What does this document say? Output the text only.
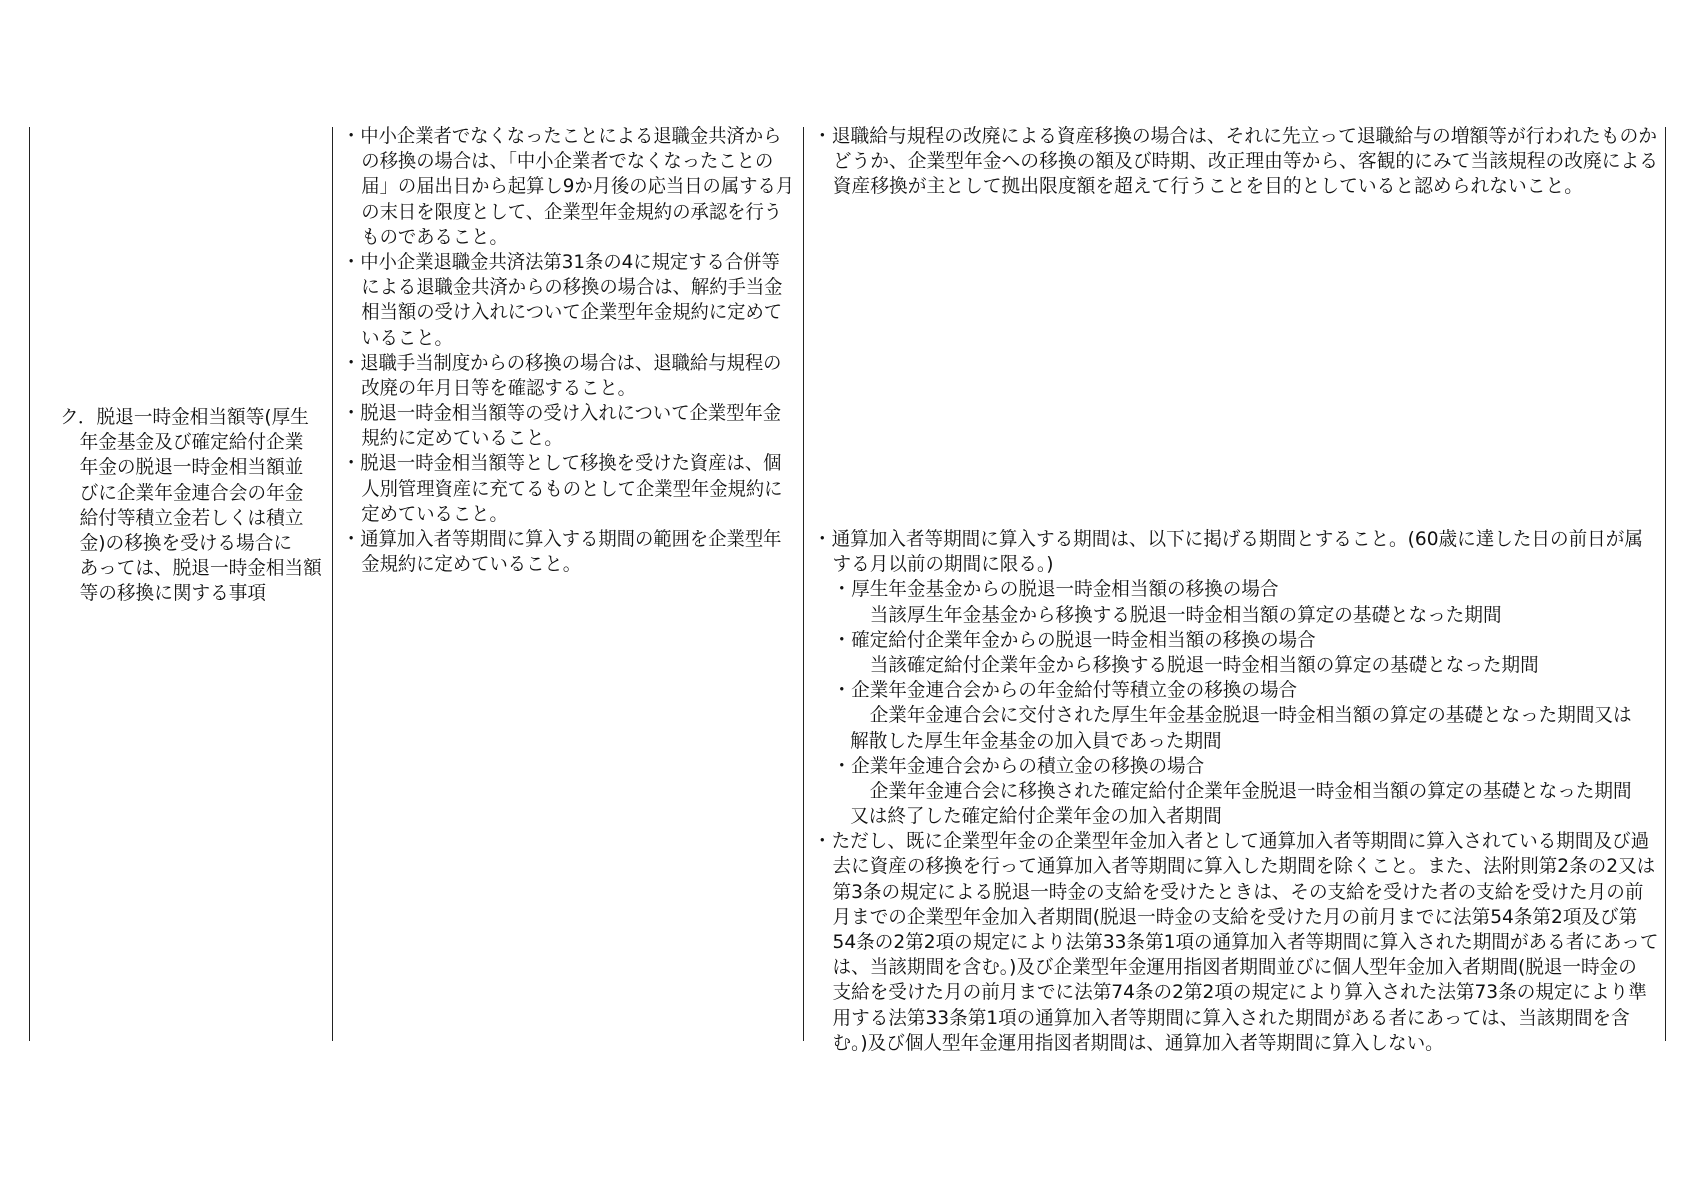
ク．脱退一時金相当額等(厚生
年金基金及び確定給付企業
年金の脱退一時金相当額並
びに企業年金連合会の年金
給付等積立金若しくは積立
金)の移換を受ける場合に
あっては、脱退一時金相当額
等の移換に関する事項
・中小企業者でなくなったことによる退職金共済から
の移換の場合は、「中小企業者でなくなったことの
届」の届出日から起算し9か月後の応当日の属する月
の末日を限度として、企業型年金規約の承認を行う
ものであること。
・中小企業退職金共済法第31条の4に規定する合併等
による退職金共済からの移換の場合は、解約手当金
相当額の受け入れについて企業型年金規約に定めて
いること。
・退職手当制度からの移換の場合は、退職給与規程の
改廃の年月日等を確認すること。
・脱退一時金相当額等の受け入れについて企業型年金
規約に定めていること。
・脱退一時金相当額等として移換を受けた資産は、個
人別管理資産に充てるものとして企業型年金規約に
定めていること。
・通算加入者等期間に算入する期間の範囲を企業型年
金規約に定めていること。
・退職給与規程の改廃による資産移換の場合は、それに先立って退職給与の増額等が行われたものか
どうか、企業型年金への移換の額及び時期、改正理由等から、客観的にみて当該規程の改廃による
資産移換が主として拠出限度額を超えて行うことを目的としていると認められないこと。
・通算加入者等期間に算入する期間は、以下に掲げる期間とすること。(60歳に達した日の前日が属
する月以前の期間に限る。)
・厚生年金基金からの脱退一時金相当額の移換の場合
当該厚生年金基金から移換する脱退一時金相当額の算定の基礎となった期間
・確定給付企業年金からの脱退一時金相当額の移換の場合
当該確定給付企業年金から移換する脱退一時金相当額の算定の基礎となった期間
・企業年金連合会からの年金給付等積立金の移換の場合
企業年金連合会に交付された厚生年金基金脱退一時金相当額の算定の基礎となった期間又は
解散した厚生年金基金の加入員であった期間
・企業年金連合会からの積立金の移換の場合
企業年金連合会に移換された確定給付企業年金脱退一時金相当額の算定の基礎となった期間
又は終了した確定給付企業年金の加入者期間
・ただし、既に企業型年金の企業型年金加入者として通算加入者等期間に算入されている期間及び過
去に資産の移換を行って通算加入者等期間に算入した期間を除くこと。また、法附則第2条の2又は
第3条の規定による脱退一時金の支給を受けたときは、その支給を受けた者の支給を受けた月の前
月までの企業型年金加入者期間(脱退一時金の支給を受けた月の前月までに法第54条第2項及び第
54条の2第2項の規定により法第33条第1項の通算加入者等期間に算入された期間がある者にあって
は、当該期間を含む。)及び企業型年金運用指図者期間並びに個人型年金加入者期間(脱退一時金の
支給を受けた月の前月までに法第74条の2第2項の規定により算入された法第73条の規定により準
用する法第33条第1項の通算加入者等期間に算入された期間がある者にあっては、当該期間を含
む。)及び個人型年金運用指図者期間は、通算加入者等期間に算入しない。
